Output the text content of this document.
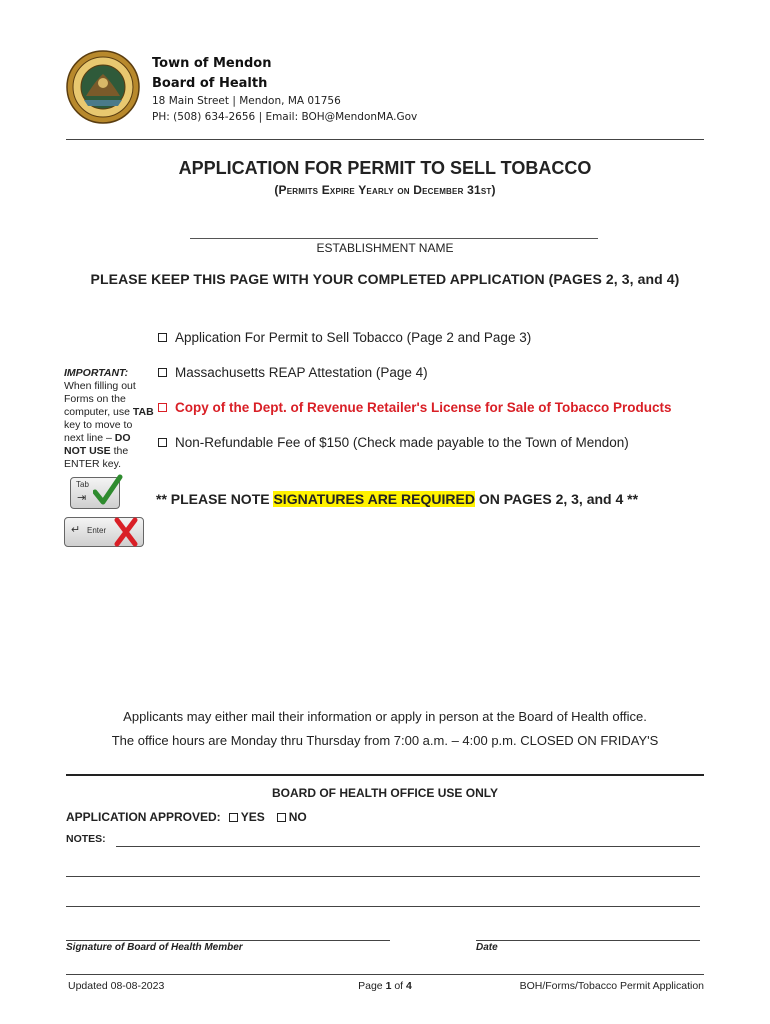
Town of Mendon
Board of Health
18 Main Street | Mendon, MA 01756
PH: (508) 634-2656 | Email: BOH@MendonMA.Gov
APPLICATION FOR PERMIT TO SELL TOBACCO
(Permits Expire Yearly on December 31st)
ESTABLISHMENT NAME
PLEASE KEEP THIS PAGE WITH YOUR COMPLETED APPLICATION (PAGES 2, 3, and 4)
Application For Permit to Sell Tobacco (Page 2 and Page 3)
Massachusetts REAP Attestation (Page 4)
Copy of the Dept. of Revenue Retailer's License for Sale of Tobacco Products
Non-Refundable Fee of $150 (Check made payable to the Town of Mendon)
IMPORTANT:
When filling out Forms on the computer, use TAB key to move to next line – DO NOT USE the ENTER key.
Tab
⇥
↵ Enter
** PLEASE NOTE SIGNATURES ARE REQUIRED ON PAGES 2, 3, and 4 **
Applicants may either mail their information or apply in person at the Board of Health office.
The office hours are Monday thru Thursday from 7:00 a.m. – 4:00 p.m. CLOSED ON FRIDAY'S
BOARD OF HEALTH OFFICE USE ONLY
APPLICATION APPROVED: YES NO
NOTES:
Signature of Board of Health Member	Date
Updated 08-08-2023	Page 1 of 4	BOH/Forms/Tobacco Permit Application
